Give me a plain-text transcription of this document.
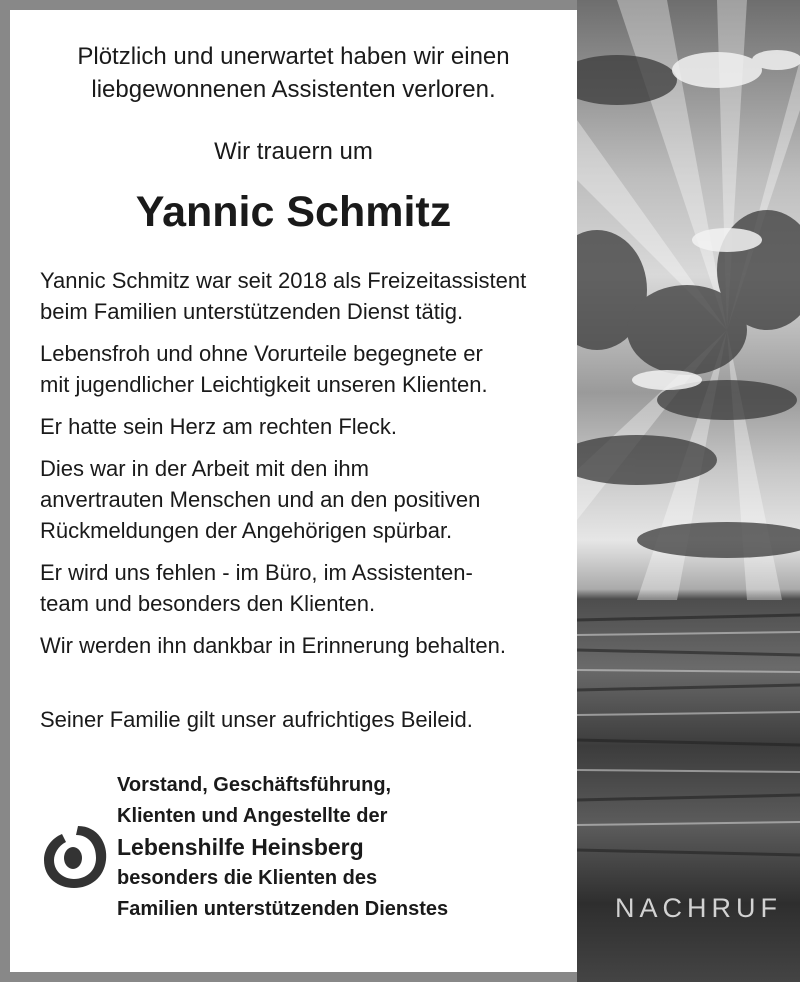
NACHRUF
Plötzlich und unerwartet haben wir einen
liebgewonnenen Assistenten verloren.
Wir trauern um
Yannic Schmitz

Yannic Schmitz war seit 2018 als Freizeitassistent
beim Familien unterstützenden Dienst tätig.

Lebensfroh und ohne Vorurteile begegnete er
mit jugendlicher Leichtigkeit unseren Klienten.

Er hatte sein Herz am rechten Fleck.

Dies war in der Arbeit mit den ihm
anvertrauten Menschen und an den positiven
Rückmeldungen der Angehörigen spürbar.

Er wird uns fehlen - im Büro, im Assistenten-
team und besonders den Klienten.

Wir werden ihn dankbar in Erinnerung behalten.

Seiner Familie gilt unser aufrichtiges Beileid.
Vorstand, Geschäftsführung,
Klienten und Angestellte der
Lebenshilfe Heinsberg
besonders die Klienten des
Familien unterstützenden Dienstes
